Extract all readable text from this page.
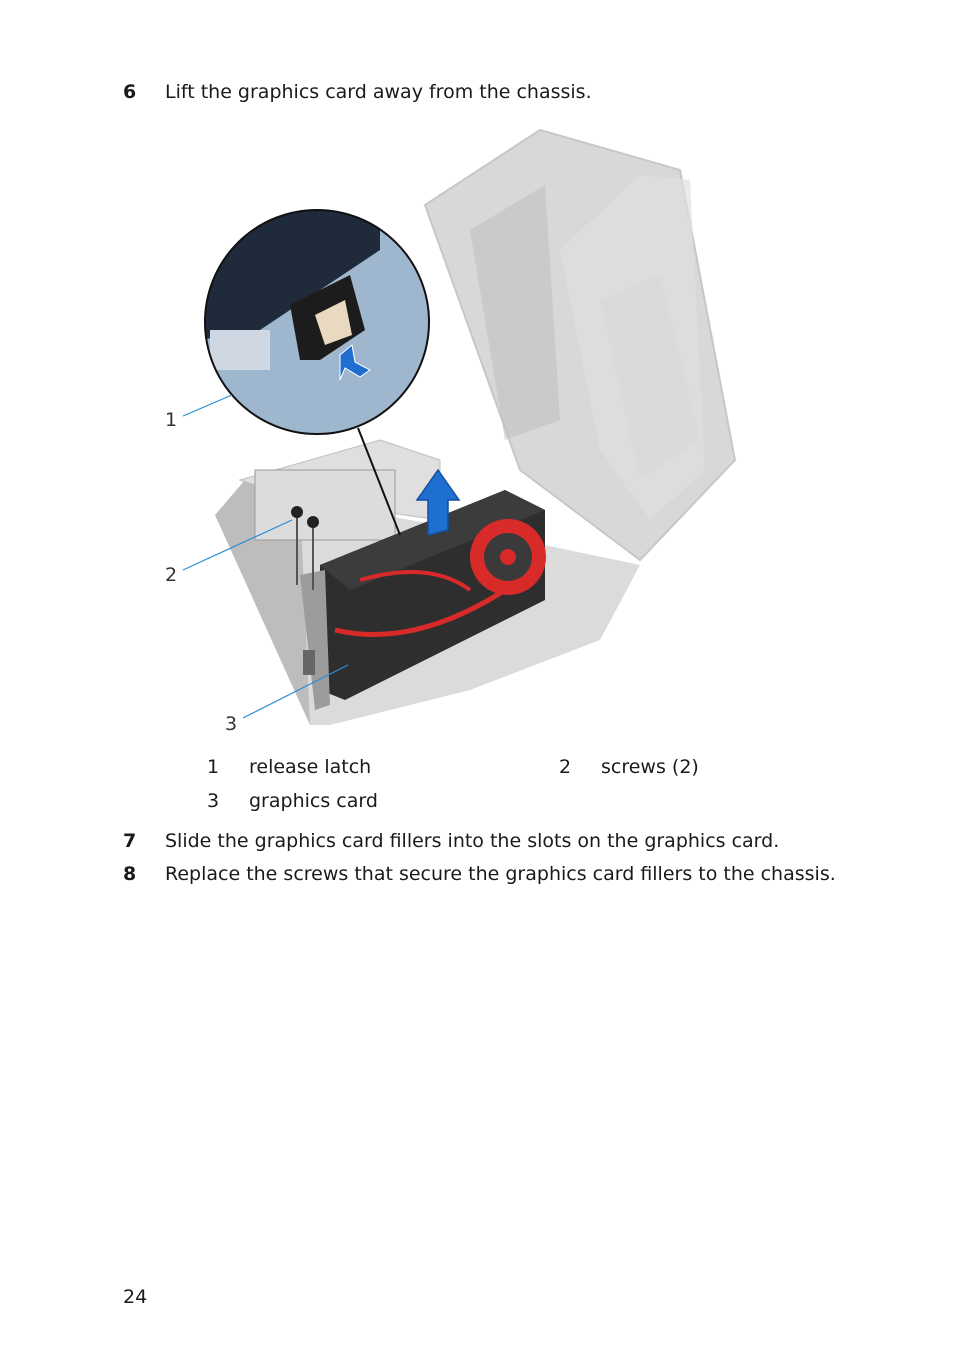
6 Lift the graphics card away from the chassis.
1
2
3
1 release latch	2 screws (2)
3 graphics card
7 Slide the graphics card fillers into the slots on the graphics card.
8 Replace the screws that secure the graphics card fillers to the chassis.
24
